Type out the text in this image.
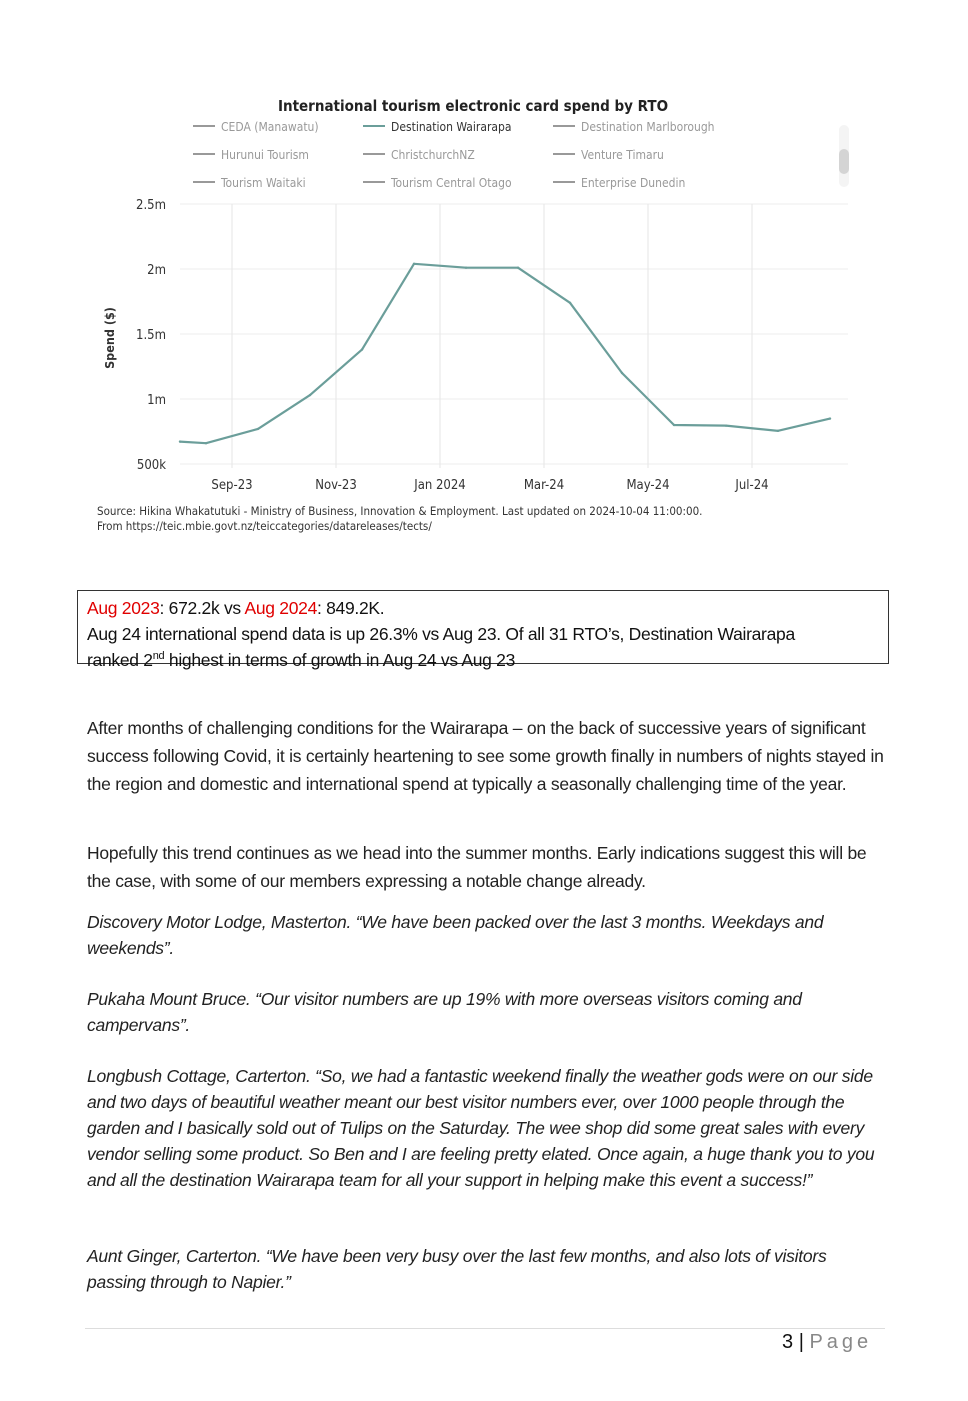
International tourism electronic card spend by RTO
CEDA (Manawatu)	Destination Wairarapa	Destination Marlborough
Hurunui Tourism	ChristchurchNZ	Venture Timaru
Tourism Waitaki	Tourism Central Otago	Enterprise Dunedin
500k
1m
1.5m
2m
2.5m
Sep-23	Nov-23	Jan 2024	Mar-24	May-24	Jul-24
Spend ($)
Source: Hikina Whakatutuki - Ministry of Business, Innovation & Employment. Last updated on 2024-10-04 11:00:00.
From https://teic.mbie.govt.nz/teiccategories/datareleases/tects/
Aug 2023: 672.2k vs Aug 2024: 849.2K.
Aug 24 international spend data is up 26.3% vs Aug 23. Of all 31 RTO’s, Destination Wairarapa
ranked 2nd highest in terms of growth in Aug 24 vs Aug 23
After months of challenging conditions for the Wairarapa – on the back of successive years of significant success following Covid, it is certainly heartening to see some growth finally in numbers of nights stayed in the region and domestic and international spend at typically a seasonally challenging time of the year.
Hopefully this trend continues as we head into the summer months. Early indications suggest this will be the case, with some of our members expressing a notable change already.
Discovery Motor Lodge, Masterton. “We have been packed over the last 3 months. Weekdays and weekends”.
Pukaha Mount Bruce. “Our visitor numbers are up 19% with more overseas visitors coming and campervans”.
Longbush Cottage, Carterton. “So, we had a fantastic weekend finally the weather gods were on our side and two days of beautiful weather meant our best visitor numbers ever, over 1000 people through the garden and I basically sold out of Tulips on the Saturday. The wee shop did some great sales with every vendor selling some product. So Ben and I are feeling pretty elated. Once again, a huge thank you to you and all the destination Wairarapa team for all your support in helping make this event a success!”
Aunt Ginger, Carterton. “We have been very busy over the last few months, and also lots of visitors passing through to Napier.”
3 | Page
